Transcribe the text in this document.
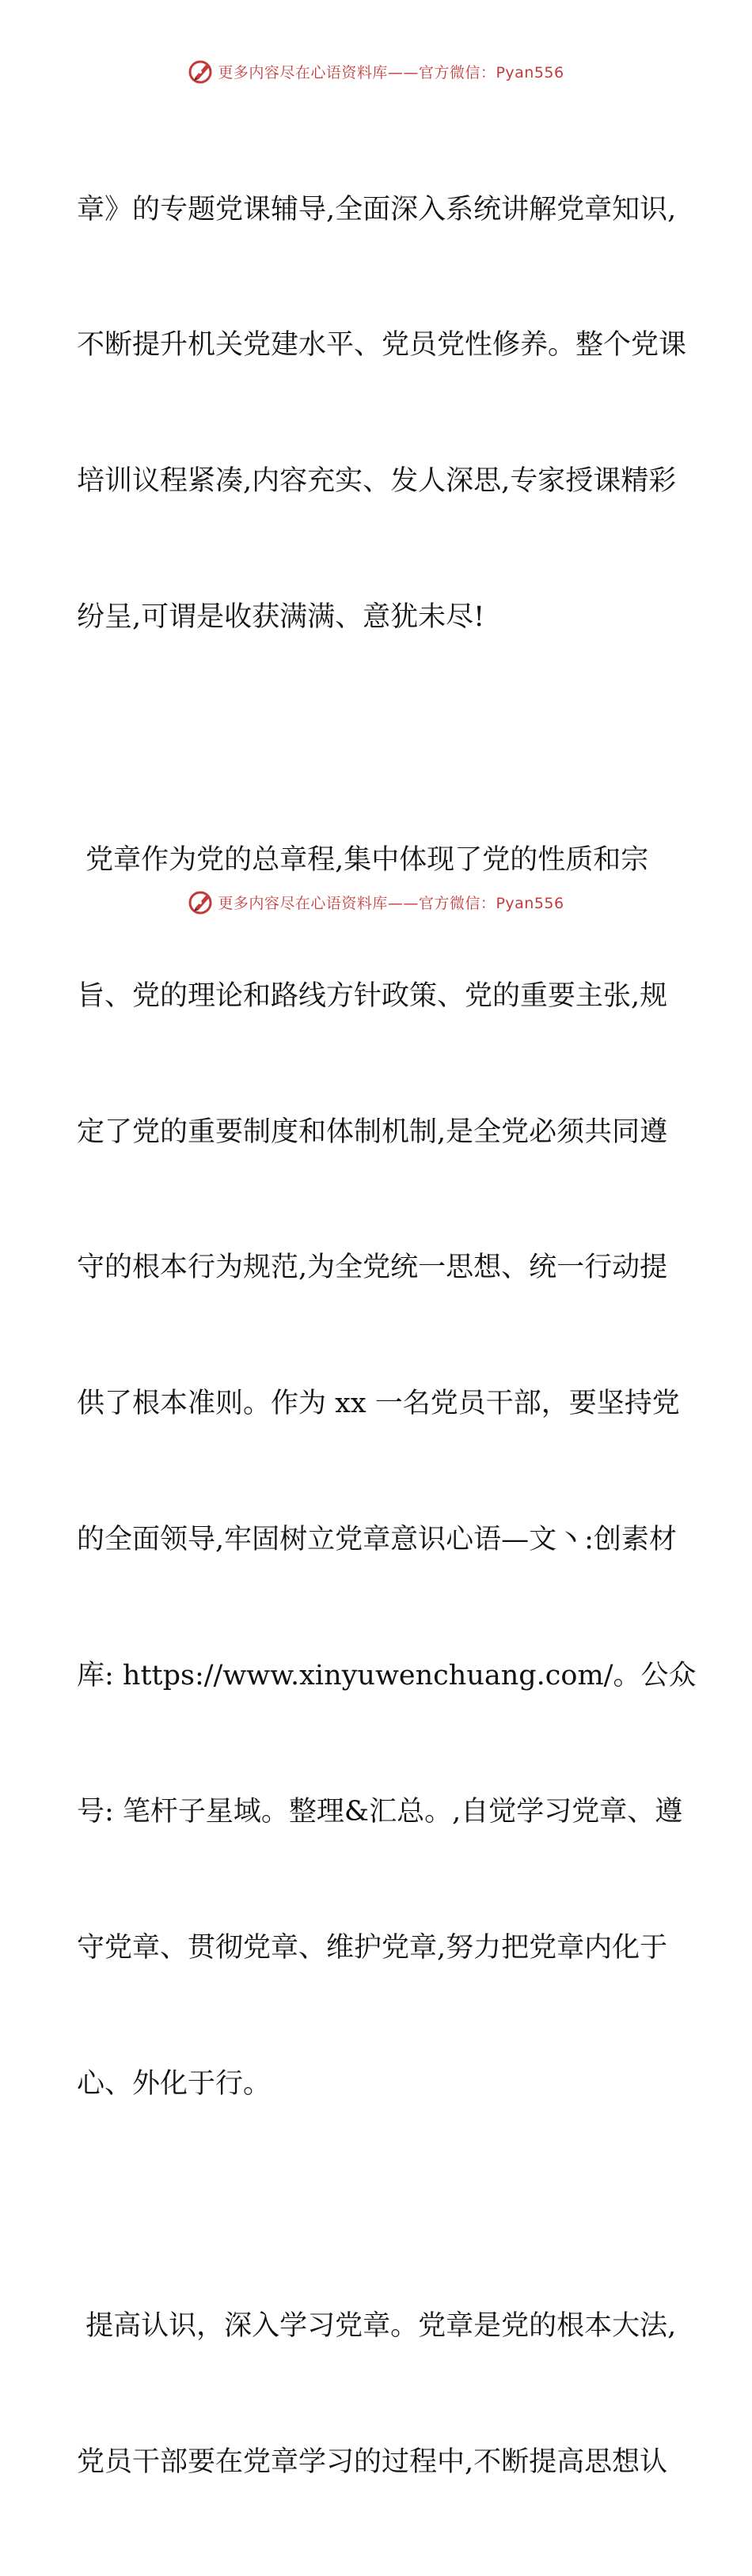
更多内容尽在心语资料库——官方微信：Pyan556

章》的专题党课辅导,全面深入系统讲解党章知识,

不断提升机关党建水平、党员党性修养。整个党课

培训议程紧凑,内容充实、发人深思,专家授课精彩

纷呈,可谓是收获满满、意犹未尽!

党章作为党的总章程,集中体现了党的性质和宗

旨、党的理论和路线方针政策、党的重要主张,规

定了党的重要制度和体制机制,是全党必须共同遵

守的根本行为规范,为全党统一思想、统一行动提

供了根本准则。作为 xx 一名党员干部，要坚持党

的全面领导,牢固树立党章意识心语—文丶:创素材

库: https://www.xinyuwenchuang.com/。公众

号: 笔杆子星域。整理&汇总。,自觉学习党章、遵

守党章、贯彻党章、维护党章,努力把党章内化于

心、外化于行。

提高认识，深入学习党章。党章是党的根本大法,

党员干部要在党章学习的过程中,不断提高思想认

更多内容尽在心语资料库——官方微信：Pyan556
